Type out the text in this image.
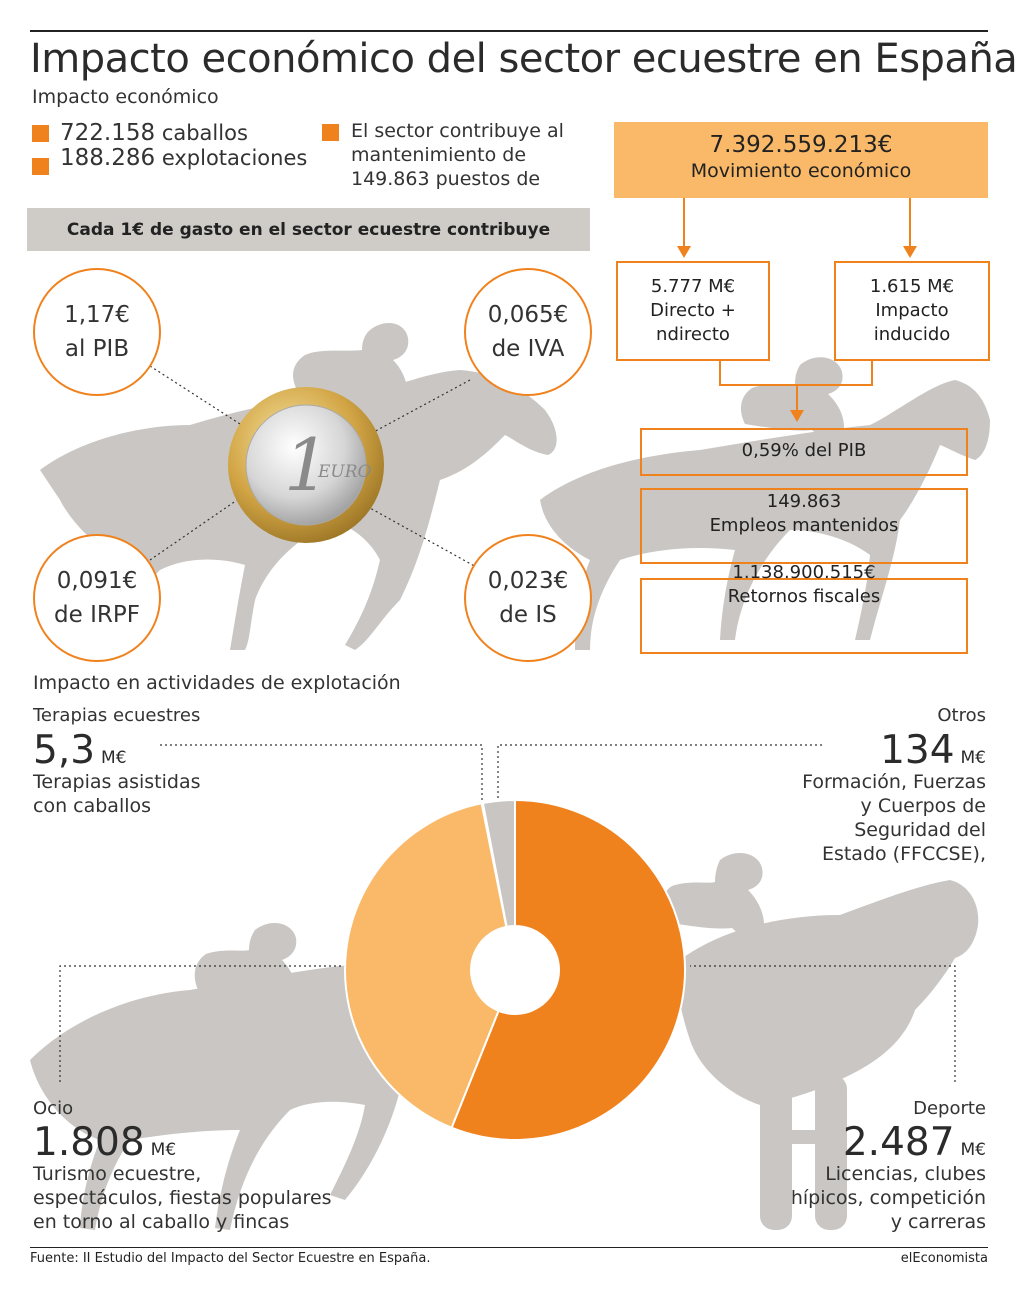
Impacto económico del sector ecuestre en España
Impacto económico
722.158 caballos
188.286 explotaciones
El sector contribuye al
mantenimiento de
149.863 puestos de
Cada 1€ de gasto en el sector ecuestre contribuye
1
EURO
1,17€
al PIB
0,065€
de IVA
0,091€
de IRPF
0,023€
de IS
7.392.559.213€
Movimiento económico
5.777 M€
Directo +
ndirecto
1.615 M€
Impacto
inducido
0,59% del PIB
149.863
Empleos mantenidos
1.138.900.515€
Retornos fiscales
Impacto en actividades de explotación
Terapias ecuestres
5,3 M€
Terapias asistidas
con caballos
Otros
134 M€
Formación, Fuerzas
y Cuerpos de
Seguridad del
Estado (FFCCSE),
Ocio
1.808 M€
Turismo ecuestre,
espectáculos, fiestas populares
en torno al caballo y fincas
Deporte
2.487 M€
Licencias, clubes
hípicos, competición
y carreras
Fuente: II Estudio del Impacto del Sector Ecuestre en España.	elEconomista
